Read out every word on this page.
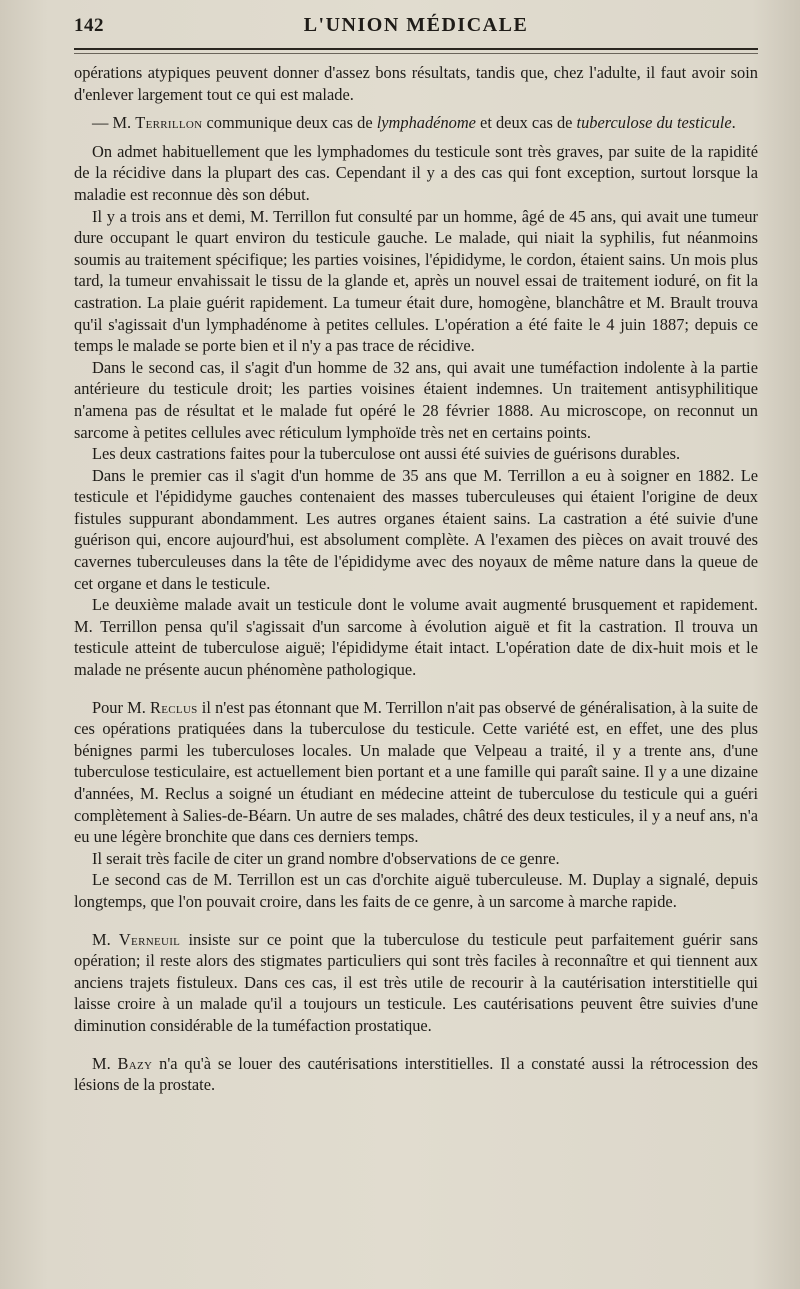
142	L'UNION MÉDICALE

opérations atypiques peuvent donner d'assez bons résultats, tandis que, chez l'adulte, il faut avoir soin d'enlever largement tout ce qui est malade.

— M. Terrillon communique deux cas de lymphadénome et deux cas de tuberculose du testicule.

On admet habituellement que les lymphadomes du testicule sont très graves, par suite de la rapidité de la récidive dans la plupart des cas. Cependant il y a des cas qui font exception, surtout lorsque la maladie est reconnue dès son début.

Il y a trois ans et demi, M. Terrillon fut consulté par un homme, âgé de 45 ans, qui avait une tumeur dure occupant le quart environ du testicule gauche. Le malade, qui niait la syphilis, fut néanmoins soumis au traitement spécifique; les parties voisines, l'épididyme, le cordon, étaient sains. Un mois plus tard, la tumeur envahissait le tissu de la glande et, après un nouvel essai de traitement ioduré, on fit la castration. La plaie guérit rapidement. La tumeur était dure, homogène, blanchâtre et M. Brault trouva qu'il s'agissait d'un lymphadénome à petites cellules. L'opération a été faite le 4 juin 1887; depuis ce temps le malade se porte bien et il n'y a pas trace de récidive.

Dans le second cas, il s'agit d'un homme de 32 ans, qui avait une tuméfaction indolente à la partie antérieure du testicule droit; les parties voisines étaient indemnes. Un traitement antisyphilitique n'amena pas de résultat et le malade fut opéré le 28 février 1888. Au microscope, on reconnut un sarcome à petites cellules avec réticulum lymphoïde très net en certains points.

Les deux castrations faites pour la tuberculose ont aussi été suivies de guérisons durables.

Dans le premier cas il s'agit d'un homme de 35 ans que M. Terrillon a eu à soigner en 1882. Le testicule et l'épididyme gauches contenaient des masses tuberculeuses qui étaient l'origine de deux fistules suppurant abondamment. Les autres organes étaient sains. La castration a été suivie d'une guérison qui, encore aujourd'hui, est absolument complète. A l'examen des pièces on avait trouvé des cavernes tuberculeuses dans la tête de l'épididyme avec des noyaux de même nature dans la queue de cet organe et dans le testicule.

Le deuxième malade avait un testicule dont le volume avait augmenté brusquement et rapidement. M. Terrillon pensa qu'il s'agissait d'un sarcome à évolution aiguë et fit la castration. Il trouva un testicule atteint de tuberculose aiguë; l'épididyme était intact. L'opération date de dix-huit mois et le malade ne présente aucun phénomène pathologique.

Pour M. Reclus il n'est pas étonnant que M. Terrillon n'ait pas observé de généralisation, à la suite de ces opérations pratiquées dans la tuberculose du testicule. Cette variété est, en effet, une des plus bénignes parmi les tuberculoses locales. Un malade que Velpeau a traité, il y a trente ans, d'une tuberculose testiculaire, est actuellement bien portant et a une famille qui paraît saine. Il y a une dizaine d'années, M. Reclus a soigné un étudiant en médecine atteint de tuberculose du testicule qui a guéri complètement à Salies-de-Béarn. Un autre de ses malades, châtré des deux testicules, il y a neuf ans, n'a eu une légère bronchite que dans ces derniers temps.

Il serait très facile de citer un grand nombre d'observations de ce genre.

Le second cas de M. Terrillon est un cas d'orchite aiguë tuberculeuse. M. Duplay a signalé, depuis longtemps, que l'on pouvait croire, dans les faits de ce genre, à un sarcome à marche rapide.

M. Verneuil insiste sur ce point que la tuberculose du testicule peut parfaitement guérir sans opération; il reste alors des stigmates particuliers qui sont très faciles à reconnaître et qui tiennent aux anciens trajets fistuleux. Dans ces cas, il est très utile de recourir à la cautérisation interstitielle qui laisse croire à un malade qu'il a toujours un testicule. Les cautérisations peuvent être suivies d'une diminution considérable de la tuméfaction prostatique.

M. Bazy n'a qu'à se louer des cautérisations interstitielles. Il a constaté aussi la rétrocession des lésions de la prostate.
